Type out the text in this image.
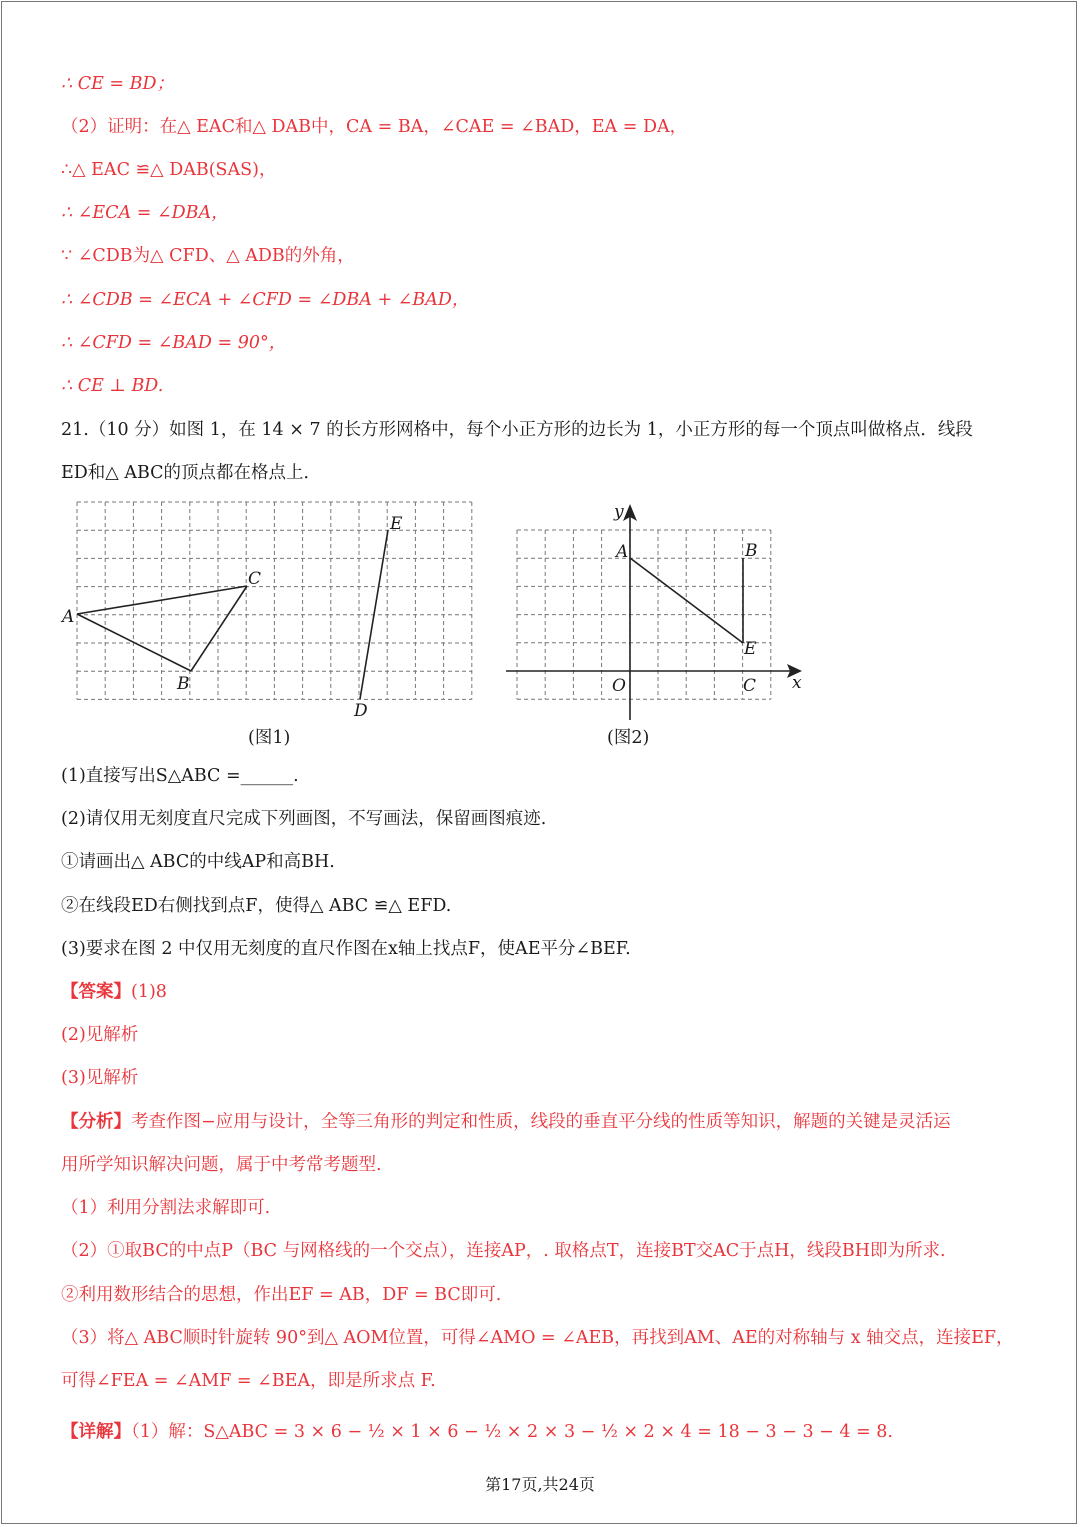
∴ CE = BD；
（2）证明：在△ EAC和△ DAB中，CA = BA，∠CAE = ∠BAD，EA = DA，
∴△ EAC ≌△ DAB(SAS)，
∴ ∠ECA = ∠DBA，
∵ ∠CDB为△ CFD、△ ADB的外角，
∴ ∠CDB = ∠ECA + ∠CFD = ∠DBA + ∠BAD，
∴ ∠CFD = ∠BAD = 90°，
∴ CE ⊥ BD.
21.（10 分）如图 1，在 14 × 7 的长方形网格中，每个小正方形的边长为 1，小正方形的每一个顶点叫做格点．线段
ED和△ ABC的顶点都在格点上．
A
B
C
D
E
(图1)
y
x
A	B
E
O	C
(图2)
(1)直接写出S△ABC =______.
(2)请仅用无刻度直尺完成下列画图，不写画法，保留画图痕迹.
①请画出△ ABC的中线AP和高BH.
②在线段ED右侧找到点F，使得△ ABC ≌△ EFD.
(3)要求在图 2 中仅用无刻度的直尺作图在x轴上找点F，使AE平分∠BEF.
【答案】(1)8
(2)见解析
(3)见解析
【分析】考查作图−应用与设计，全等三角形的判定和性质，线段的垂直平分线的性质等知识，解题的关键是灵活运
用所学知识解决问题，属于中考常考题型.
（1）利用分割法求解即可.
（2）①取BC的中点P（BC 与网格线的一个交点），连接AP，. 取格点T，连接BT交AC于点H，线段BH即为所求.
②利用数形结合的思想，作出EF = AB，DF = BC即可.
（3）将△ ABC顺时针旋转 90°到△ AOM位置，可得∠AMO = ∠AEB，再找到AM、AE的对称轴与 x 轴交点，连接EF，
可得∠FEA = ∠AMF = ∠BEA，即是所求点 F.
【详解】（1）解：S△ABC = 3 × 6 − ½ × 1 × 6 − ½ × 2 × 3 − ½ × 2 × 4 = 18 − 3 − 3 − 4 = 8.
第17页,共24页
